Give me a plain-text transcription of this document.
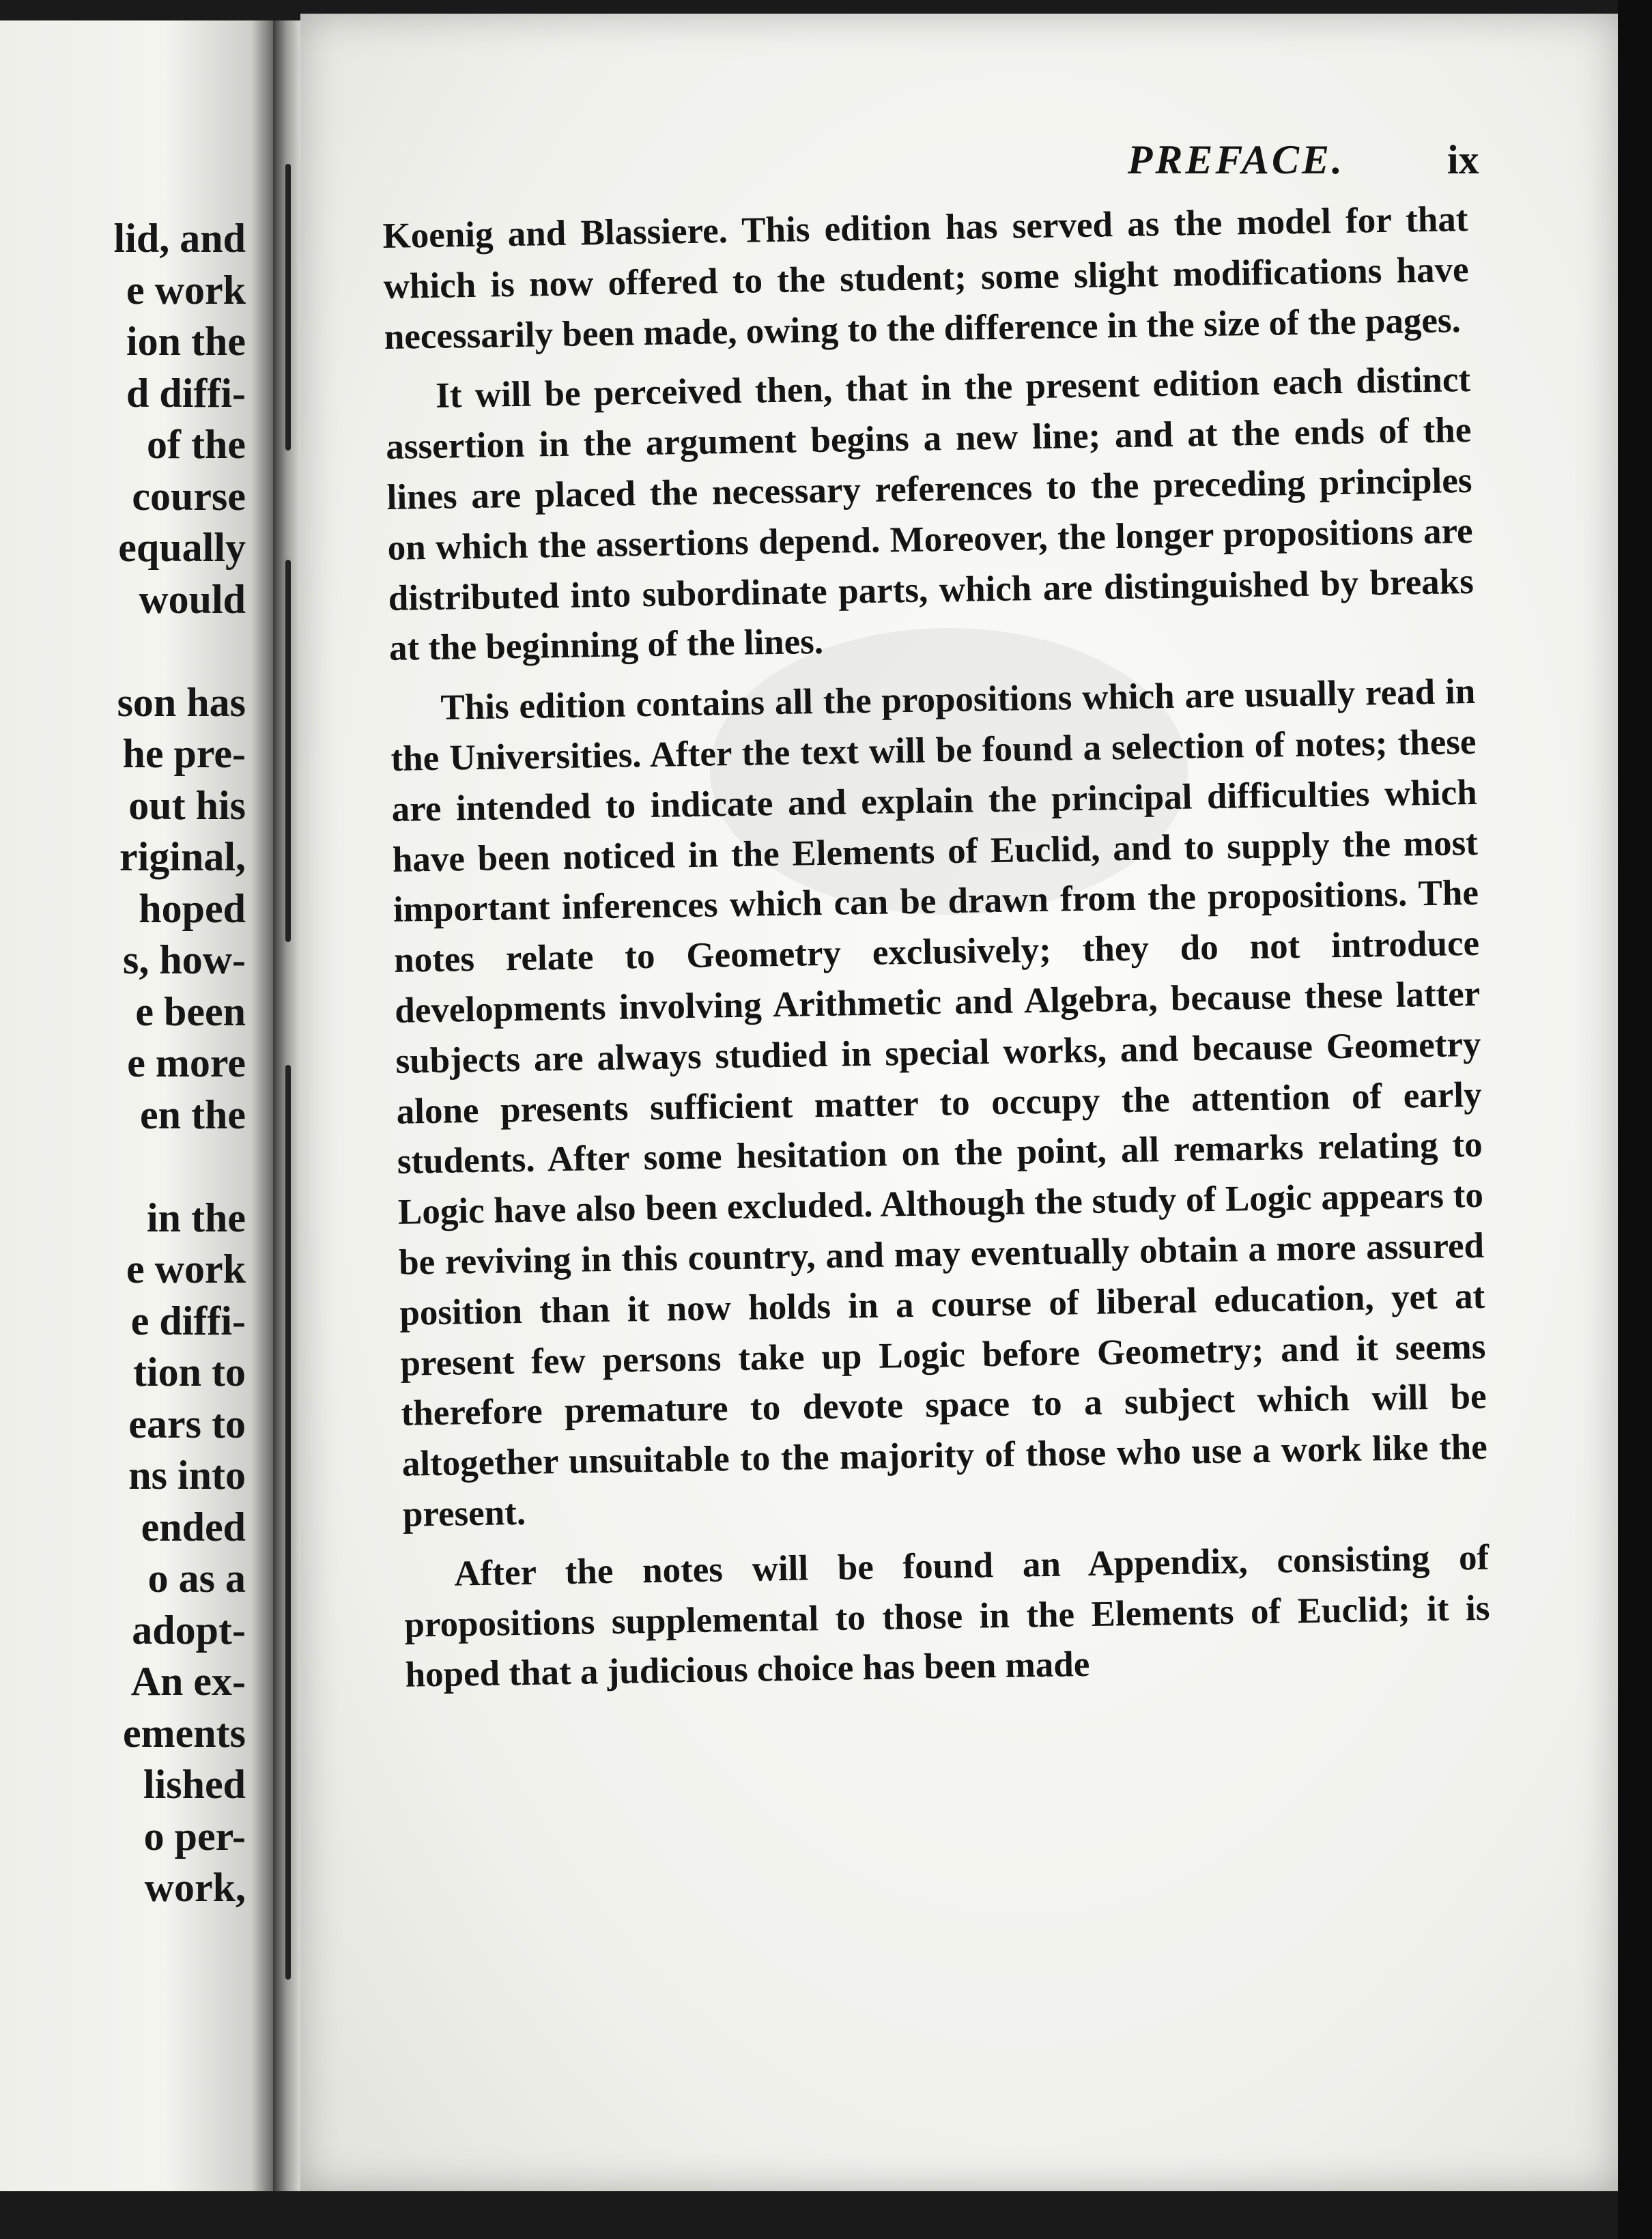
lid, and
e work
ion the
d diffi-
of the
course
equally
would
son has
he pre-
out his
riginal,
hoped
s, how-
e been
e more
en the
in the
e work
e diffi-
tion to
ears to
ns into
ended
o as a
adopt-
An ex-
ements
lished
o per-
work,
PREFACE.	ix

Koenig and Blassiere. This edition has served as the model for that which is now offered to the student; some slight modifications have necessarily been made, owing to the difference in the size of the pages.

It will be perceived then, that in the present edition each distinct assertion in the argument begins a new line; and at the ends of the lines are placed the necessary references to the preceding principles on which the assertions depend. Moreover, the longer propositions are distributed into subordinate parts, which are distinguished by breaks at the beginning of the lines.

This edition contains all the propositions which are usually read in the Universities. After the text will be found a selection of notes; these are intended to indicate and explain the principal difficulties which have been noticed in the Elements of Euclid, and to supply the most important inferences which can be drawn from the propositions. The notes relate to Geometry exclusively; they do not introduce developments involving Arithmetic and Algebra, because these latter subjects are always studied in special works, and because Geometry alone presents sufficient matter to occupy the attention of early students. After some hesitation on the point, all remarks relating to Logic have also been excluded. Although the study of Logic appears to be reviving in this country, and may eventually obtain a more assured position than it now holds in a course of liberal education, yet at present few persons take up Logic before Geometry; and it seems therefore premature to devote space to a subject which will be altogether unsuitable to the majority of those who use a work like the present.

After the notes will be found an Appendix, consisting of propositions supplemental to those in the Elements of Euclid; it is hoped that a judicious choice has been made
